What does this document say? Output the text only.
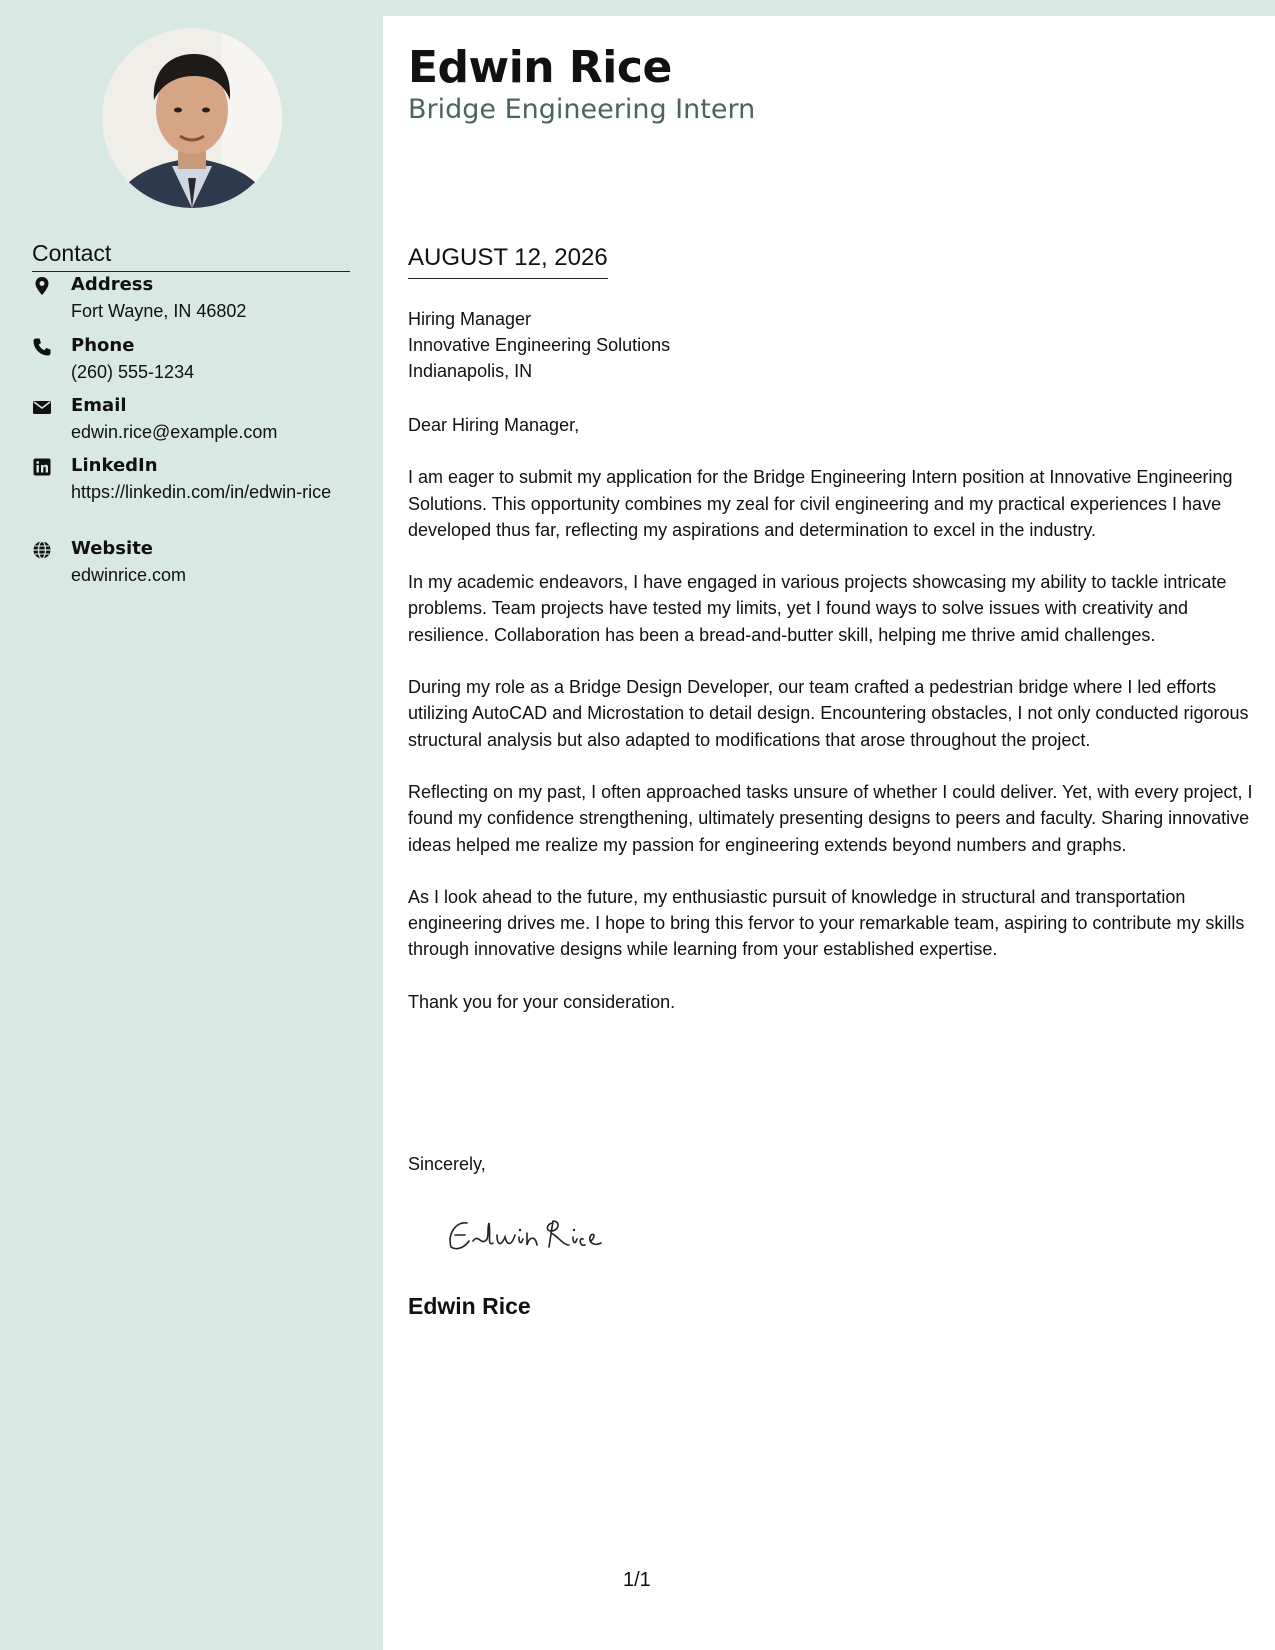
Contact
Address
Fort Wayne, IN 46802
Phone
(260) 555-1234
Email
edwin.rice@example.com
LinkedIn
https://linkedin.com/in/edwin-rice
Website
edwinrice.com
Edwin Rice
Bridge Engineering Intern
AUGUST 12, 2026
Hiring Manager
Innovative Engineering Solutions
Indianapolis, IN

Dear Hiring Manager,

I am eager to submit my application for the Bridge Engineering Intern position at Innovative Engineering Solutions. This opportunity combines my zeal for civil engineering and my practical experiences I have developed thus far, reflecting my aspirations and determination to excel in the industry.

In my academic endeavors, I have engaged in various projects showcasing my ability to tackle intricate problems. Team projects have tested my limits, yet I found ways to solve issues with creativity and resilience. Collaboration has been a bread-and-butter skill, helping me thrive amid challenges.

During my role as a Bridge Design Developer, our team crafted a pedestrian bridge where I led efforts utilizing AutoCAD and Microstation to detail design. Encountering obstacles, I not only conducted rigorous structural analysis but also adapted to modifications that arose throughout the project.

Reflecting on my past, I often approached tasks unsure of whether I could deliver. Yet, with every project, I found my confidence strengthening, ultimately presenting designs to peers and faculty. Sharing innovative ideas helped me realize my passion for engineering extends beyond numbers and graphs.

As I look ahead to the future, my enthusiastic pursuit of knowledge in structural and transportation engineering drives me. I hope to bring this fervor to your remarkable team, aspiring to contribute my skills through innovative designs while learning from your established expertise.

Thank you for your consideration.

Sincerely,
Edwin Rice
1/1
